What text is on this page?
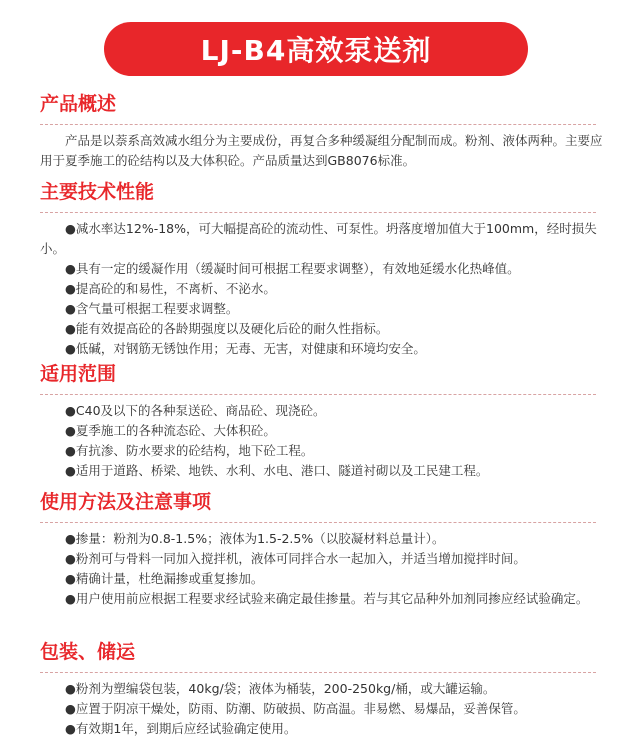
LJ-B4高效泵送剂
产品概述

产品是以萘系高效减水组分为主要成份，再复合多种缓凝组分配制而成。粉剂、液体两种。主要应用于夏季施工的砼结构以及大体积砼。产品质量达到GB8076标准。

主要技术性能
●减水率达12%-18%，可大幅提高砼的流动性、可泵性。坍落度增加值大于100mm，经时损失小。
●具有一定的缓凝作用（缓凝时间可根据工程要求调整），有效地延缓水化热峰值。
●提高砼的和易性，不离析、不泌水。
●含气量可根据工程要求调整。
●能有效提高砼的各龄期强度以及硬化后砼的耐久性指标。
●低碱，对钢筋无锈蚀作用；无毒、无害，对健康和环境均安全。
适用范围
●C40及以下的各种泵送砼、商品砼、现浇砼。
●夏季施工的各种流态砼、大体积砼。
●有抗渗、防水要求的砼结构，地下砼工程。
●适用于道路、桥梁、地铁、水利、水电、港口、隧道衬砌以及工民建工程。
使用方法及注意事项
●掺量：粉剂为0.8-1.5%；液体为1.5-2.5%（以胶凝材料总量计）。
●粉剂可与骨料一同加入搅拌机，液体可同拌合水一起加入，并适当增加搅拌时间。
●精确计量，杜绝漏掺或重复掺加。
●用户使用前应根据工程要求经试验来确定最佳掺量。若与其它品种外加剂同掺应经试验确定。
包装、储运
●粉剂为塑编袋包装，40kg/袋；液体为桶装，200-250kg/桶，或大罐运输。
●应置于阴凉干燥处，防雨、防潮、防破损、防高温。非易燃、易爆品，妥善保管。
●有效期1年，到期后应经试验确定使用。
